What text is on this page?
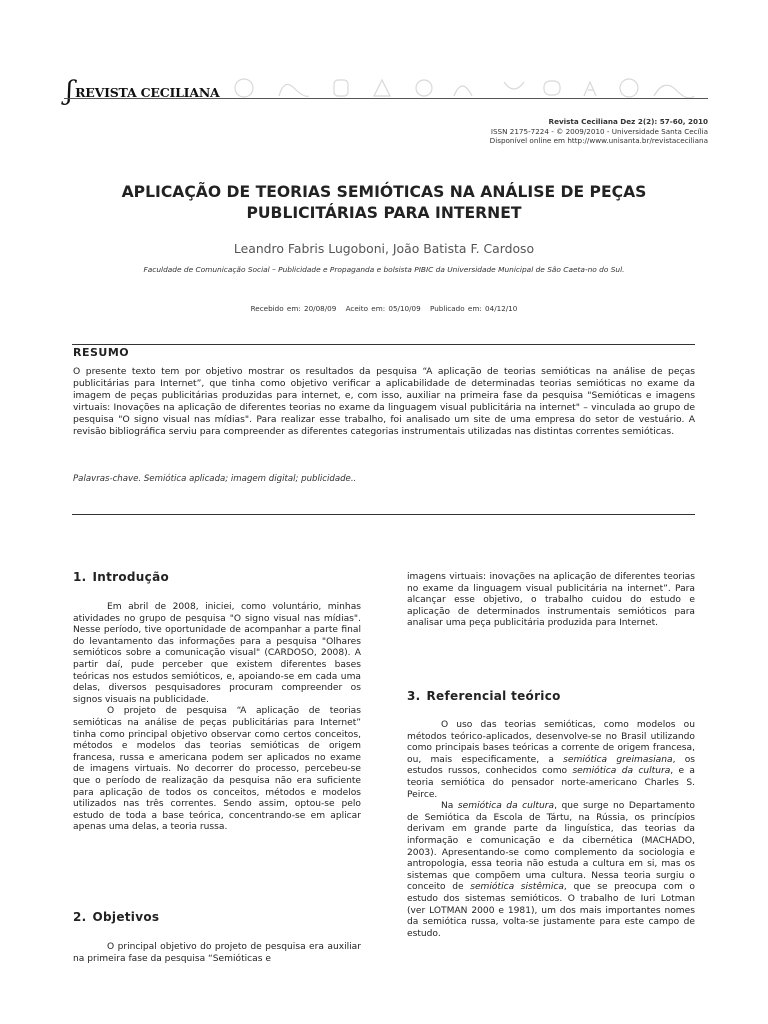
ʃ REVISTA CECILIANA
Revista Ceciliana Dez 2(2): 57-60, 2010
ISSN 2175-7224 - © 2009/2010 - Universidade Santa Cecília
Disponível online em http://www.unisanta.br/revistaceciliana
APLICAÇÃO DE TEORIAS SEMIÓTICAS NA ANÁLISE DE PEÇAS
PUBLICITÁRIAS PARA INTERNET
Leandro Fabris Lugoboni, João Batista F. Cardoso
Faculdade de Comunicação Social – Publicidade e Propaganda e bolsista PIBIC da Universidade Municipal de São Caeta-no do Sul.
Recebido em: 20/08/09 Aceito em: 05/10/09 Publicado em: 04/12/10
RESUMO

O presente texto tem por objetivo mostrar os resultados da pesquisa “A aplicação de teorias semióticas na análise de peças publicitárias para Internet”, que tinha como objetivo verificar a aplicabilidade de determinadas teorias semióticas no exame da imagem de peças publicitárias produzidas para internet, e, com isso, auxiliar na primeira fase da pesquisa "Semióticas e imagens virtuais: Inovações na aplicação de diferentes teorias no exame da linguagem visual publicitária na internet" – vinculada ao grupo de pesquisa "O signo visual nas mídias". Para realizar esse trabalho, foi analisado um site de uma empresa do setor de vestuário. A revisão bibliográfica serviu para compreender as diferentes categorias instrumentais utilizadas nas distintas correntes semióticas.

Palavras-chave. Semiótica aplicada; imagem digital; publicidade..
1. Introdução

Em abril de 2008, iniciei, como voluntário, minhas atividades no grupo de pesquisa "O signo visual nas mídias". Nesse período, tive oportunidade de acompanhar a parte final do levantamento das informações para a pesquisa "Olhares semióticos sobre a comunicação visual" (CARDOSO, 2008). A partir daí, pude perceber que existem diferentes bases teóricas nos estudos semióticos, e, apoiando-se em cada uma delas, diversos pesquisadores procuram compreender os signos visuais na publicidade.

O projeto de pesquisa “A aplicação de teorias semióticas na análise de peças publicitárias para Internet” tinha como principal objetivo observar como certos conceitos, métodos e modelos das teorias semióticas de origem francesa, russa e americana podem ser aplicados no exame de imagens virtuais. No decorrer do processo, percebeu-se que o período de realização da pesquisa não era suficiente para aplicação de todos os conceitos, métodos e modelos utilizados nas três correntes. Sendo assim, optou-se pelo estudo de toda a base teórica, concentrando-se em aplicar apenas uma delas, a teoria russa.

2. Objetivos

O principal objetivo do projeto de pesquisa era auxiliar na primeira fase da pesquisa “Semióticas e

imagens virtuais: inovações na aplicação de diferentes teorias no exame da linguagem visual publicitária na internet”. Para alcançar esse objetivo, o trabalho cuidou do estudo e aplicação de determinados instrumentais semióticos para analisar uma peça publicitária produzida para Internet.

3. Referencial teórico

O uso das teorias semióticas, como modelos ou métodos teórico-aplicados, desenvolve-se no Brasil utilizando como principais bases teóricas a corrente de origem francesa, ou, mais especificamente, a semiótica greimasiana, os estudos russos, conhecidos como semiótica da cultura, e a teoria semiótica do pensador norte-americano Charles S. Peirce.

Na semiótica da cultura, que surge no Departamento de Semiótica da Escola de Tártu, na Rússia, os princípios derivam em grande parte da linguística, das teorias da informação e comunicação e da cibernética (MACHADO, 2003). Apresentando-se como complemento da sociologia e antropologia, essa teoria não estuda a cultura em si, mas os sistemas que compõem uma cultura. Nessa teoria surgiu o conceito de semiótica sistêmica, que se preocupa com o estudo dos sistemas semióticos. O trabalho de Iuri Lotman (ver LOTMAN 2000 e 1981), um dos mais importantes nomes da semiótica russa, volta-se justamente para este campo de estudo.
